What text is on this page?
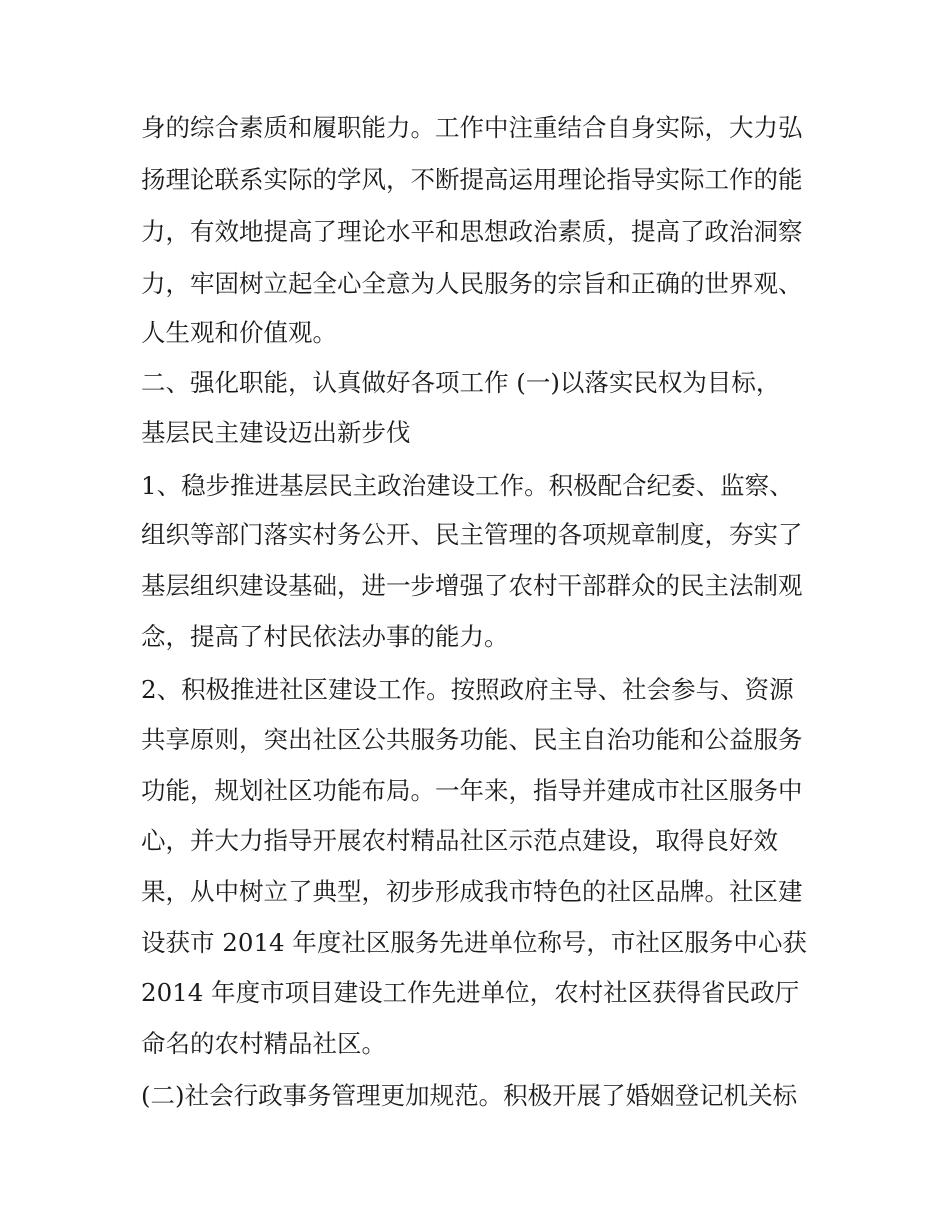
身的综合素质和履职能力。工作中注重结合自身实际，大力弘
扬理论联系实际的学风，不断提高运用理论指导实际工作的能
力，有效地提高了理论水平和思想政治素质，提高了政治洞察
力，牢固树立起全心全意为人民服务的宗旨和正确的世界观、
人生观和价值观。
二、强化职能，认真做好各项工作 (一)以落实民权为目标，
基层民主建设迈出新步伐
1、稳步推进基层民主政治建设工作。积极配合纪委、监察、
组织等部门落实村务公开、民主管理的各项规章制度，夯实了
基层组织建设基础，进一步增强了农村干部群众的民主法制观
念，提高了村民依法办事的能力。
2、积极推进社区建设工作。按照政府主导、社会参与、资源
共享原则，突出社区公共服务功能、民主自治功能和公益服务
功能，规划社区功能布局。一年来，指导并建成市社区服务中
心，并大力指导开展农村精品社区示范点建设，取得良好效
果，从中树立了典型，初步形成我市特色的社区品牌。社区建
设获市 2014 年度社区服务先进单位称号，市社区服务中心获
2014 年度市项目建设工作先进单位，农村社区获得省民政厅
命名的农村精品社区。
(二)社会行政事务管理更加规范。积极开展了婚姻登记机关标
